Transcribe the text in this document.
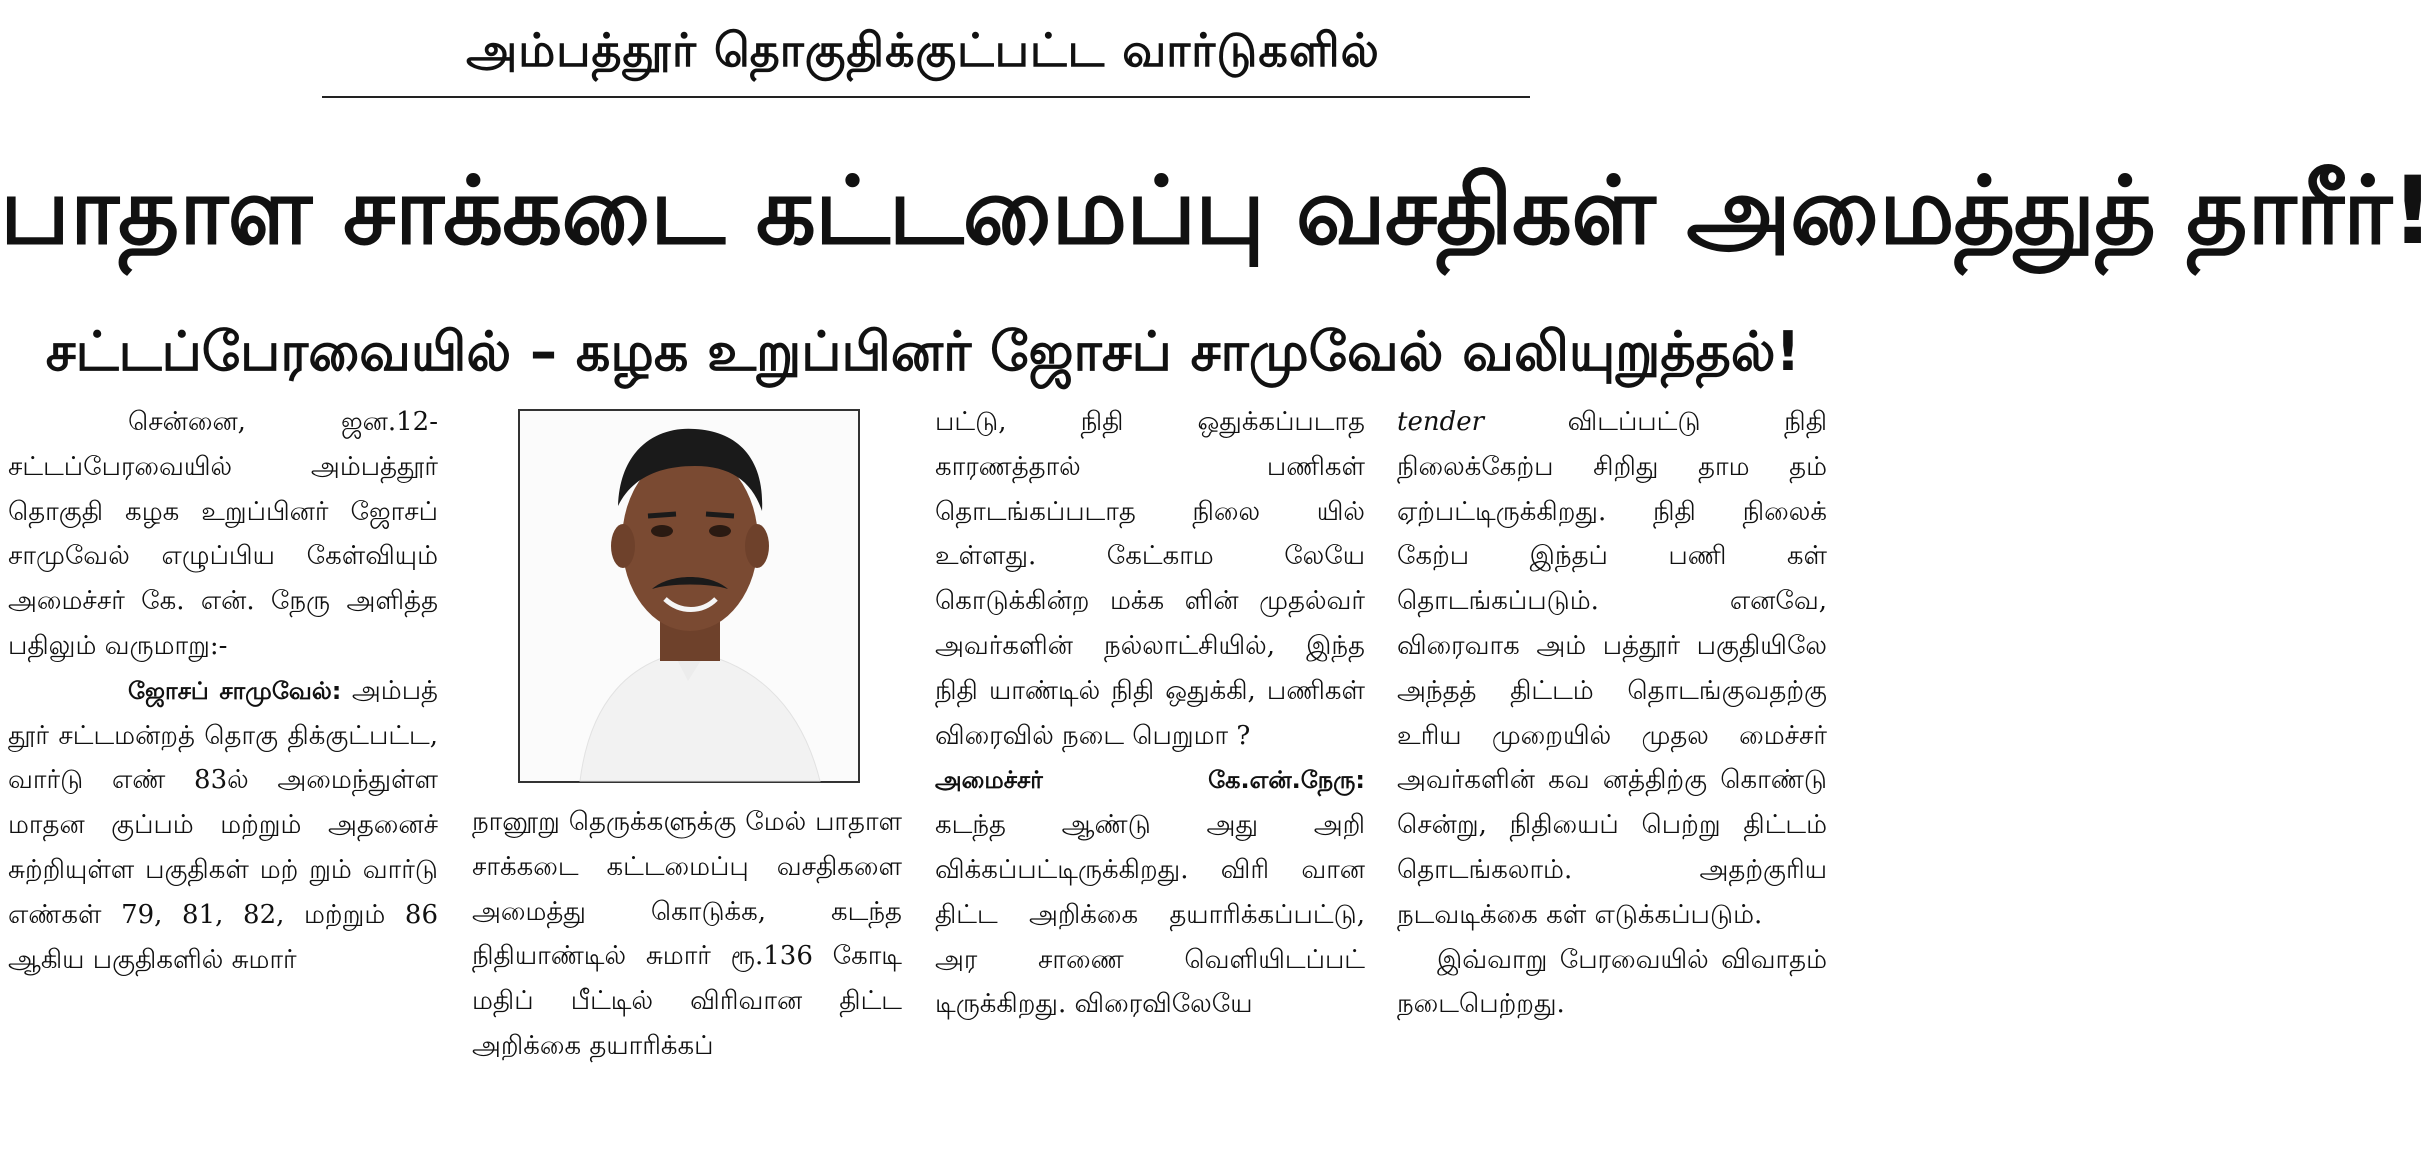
அம்பத்தூர் தொகுதிக்குட்பட்ட வார்டுகளில்
பாதாள சாக்கடை கட்டமைப்பு வசதிகள் அமைத்துத் தாரீர்!
சட்டப்பேரவையில் – கழக உறுப்பினர் ஜோசப் சாமுவேல் வலியுறுத்தல்!

சென்னை, ஜன.12- சட்டப்பேரவையில் அம்பத்தூர் தொகுதி கழக உறுப்பினர் ஜோசப் சாமுவேல் எழுப்பிய கேள்வியும் அமைச்சர் கே. என். நேரு அளித்த பதிலும் வருமாறு:-

ஜோசப் சாமுவேல்: அம்பத் தூர் சட்டமன்றத் தொகு திக்குட்பட்ட, வார்டு எண் 83ல் அமைந்துள்ள மாதன குப்பம் மற்றும் அதனைச் சுற்றியுள்ள பகுதிகள் மற் றும் வார்டு எண்கள் 79, 81, 82, மற்றும் 86 ஆகிய பகுதிகளில் சுமார்

நானூறு தெருக்களுக்கு மேல் பாதாள சாக்கடை கட்டமைப்பு வசதிகளை அமைத்து கொடுக்க, கடந்த நிதியாண்டில் சுமார் ரூ.136 கோடி மதிப் பீட்டில் விரிவான திட்ட அறிக்கை தயாரிக்கப்

பட்டு, நிதி ஒதுக்கப்படாத காரணத்தால் பணிகள் தொடங்கப்படாத நிலை யில் உள்ளது. கேட்காம லேயே கொடுக்கின்ற மக்க ளின் முதல்வர் அவர்களின் நல்லாட்சியில், இந்த நிதி யாண்டில் நிதி ஒதுக்கி, பணிகள் விரைவில் நடை பெறுமா ?

அமைச்சர்	கே.என்.நேரு:

கடந்த ஆண்டு அது அறி விக்கப்பட்டிருக்கிறது. விரி வான திட்ட அறிக்கை தயாரிக்கப்பட்டு, அர சாணை வெளியிடப்பட் டிருக்கிறது. விரைவிலேயே

tender விடப்பட்டு நிதி நிலைக்கேற்ப சிறிது தாம தம் ஏற்பட்டிருக்கிறது. நிதி நிலைக் கேற்ப இந்தப் பணி கள் தொடங்கப்படும். எனவே, விரைவாக அம் பத்தூர் பகுதியிலே அந்தத் திட்டம் தொடங்குவதற்கு உரிய முறையில் முதல மைச்சர் அவர்களின் கவ னத்திற்கு கொண்டு சென்று, நிதியைப் பெற்று திட்டம் தொடங்கலாம். அதற்குரிய நடவடிக்கை கள் எடுக்கப்படும்.

இவ்வாறு பேரவையில் விவாதம் நடைபெற்றது.
